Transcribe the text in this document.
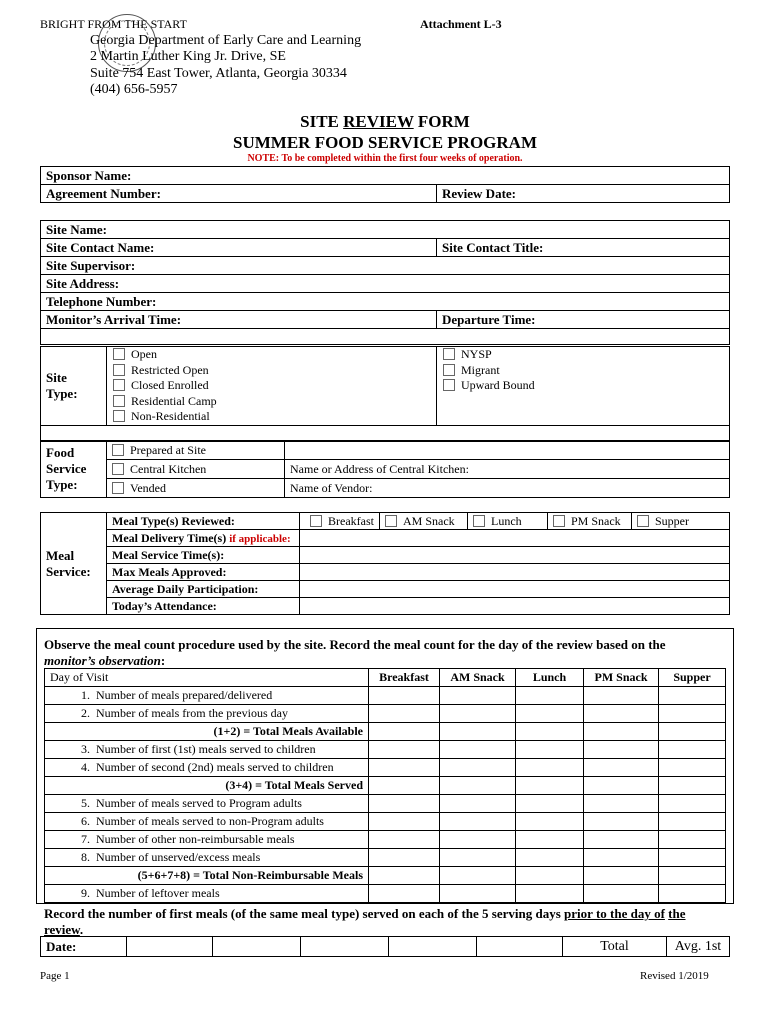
BRIGHT FROM THE START	Attachment L-3
Georgia Department of Early Care and Learning
2 Martin Luther King Jr. Drive, SE
Suite 754 East Tower, Atlanta, Georgia 30334
(404) 656-5957
SITE REVIEW FORM
SUMMER FOOD SERVICE PROGRAM
NOTE: To be completed within the first four weeks of operation.
Sponsor Name:
Agreement Number:	Review Date:
Site Name:	
Site Contact Name:	Site Contact Title:
Site Supervisor:	
Site Address:	
Telephone Number:	
Monitor’s Arrival Time:	Departure Time:

Site
Type:

Open
Restricted Open
Closed Enrolled
Residential Camp
Non-Residential

NYSP
Migrant
Upward Bound

Food
Service
Type:	Prepared at Site	
	Central Kitchen	Name or Address of Central Kitchen:
	Vended	Name of Vendor:
Meal
Service:	Meal Type(s) Reviewed:	Breakfast	AM Snack	Lunch	PM Snack	Supper
	Meal Delivery Time(s) if applicable:					
	Meal Service Time(s):					
	Max Meals Approved:					
	Average Daily Participation:					
	Today’s Attendance:					
Observe the meal count procedure used by the site. Record the meal count for the day of the review based on the
monitor’s observation:
Day of Visit	Breakfast	AM Snack	Lunch	PM Snack	Supper
1. Number of meals prepared/delivered					
2. Number of meals from the previous day					
(1+2) = Total Meals Available					
3. Number of first (1st) meals served to children					
4. Number of second (2nd) meals served to children					
(3+4) = Total Meals Served					
5. Number of meals served to Program adults					
6. Number of meals served to non-Program adults					
7. Number of other non-reimbursable meals					
8. Number of unserved/excess meals					
(5+6+7+8) = Total Non-Reimbursable Meals					
9. Number of leftover meals					
Record the number of first meals (of the same meal type) served on each of the 5 serving days prior to the day of the review.
Date:						Total	Avg. 1st
Page 1	Revised 1/2019
